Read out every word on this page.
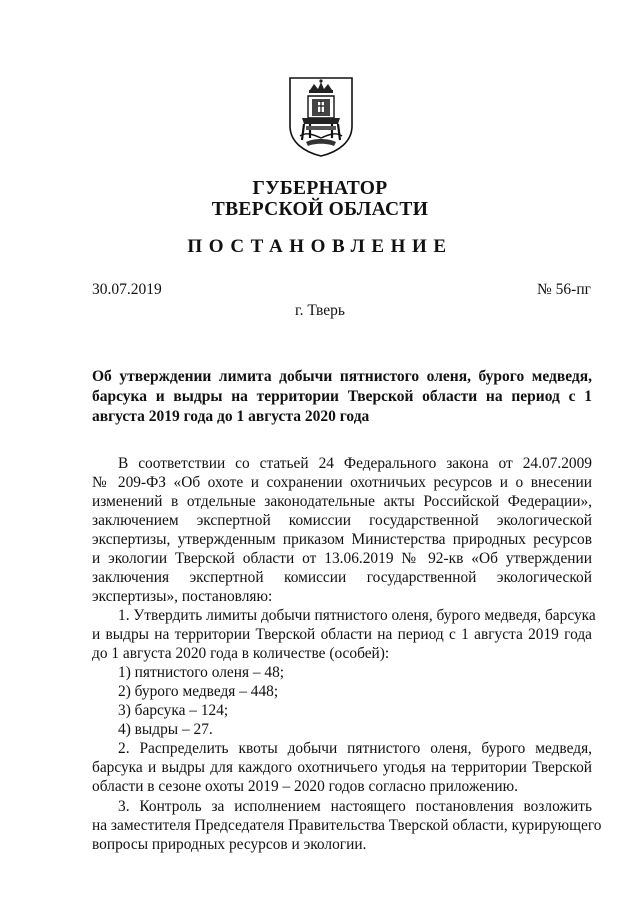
ГУБЕРНАТОР
ТВЕРСКОЙ ОБЛАСТИ
ПОСТАНОВЛЕНИЕ
30.07.2019	№ 56-пг
г. Тверь
Об утверждении лимита добычи пятнистого оленя, бурого медведя, барсука и выдры на территории Тверской области на период с 1 августа 2019 года до 1 августа 2020 года
В соответствии со статьей 24 Федерального закона от 24.07.2009
№ 209-ФЗ «Об охоте и сохранении охотничьих ресурсов и о внесении
изменений в отдельные законодательные акты Российской Федерации»,
заключением экспертной комиссии государственной экологической
экспертизы, утвержденным приказом Министерства природных ресурсов
и экологии Тверской области от 13.06.2019 № 92-кв «Об утверждении
заключения экспертной комиссии государственной экологической
экспертизы», постановляю:
1. Утвердить лимиты добычи пятнистого оленя, бурого медведя, барсука
и выдры на территории Тверской области на период с 1 августа 2019 года
до 1 августа 2020 года в количестве (особей):
1) пятнистого оленя – 48;
2) бурого медведя – 448;
3) барсука – 124;
4) выдры – 27.
2. Распределить квоты добычи пятнистого оленя, бурого медведя,
барсука и выдры для каждого охотничьего угодья на территории Тверской
области в сезоне охоты 2019 – 2020 годов согласно приложению.
3. Контроль за исполнением настоящего постановления возложить
на заместителя Председателя Правительства Тверской области, курирующего
вопросы природных ресурсов и экологии.
